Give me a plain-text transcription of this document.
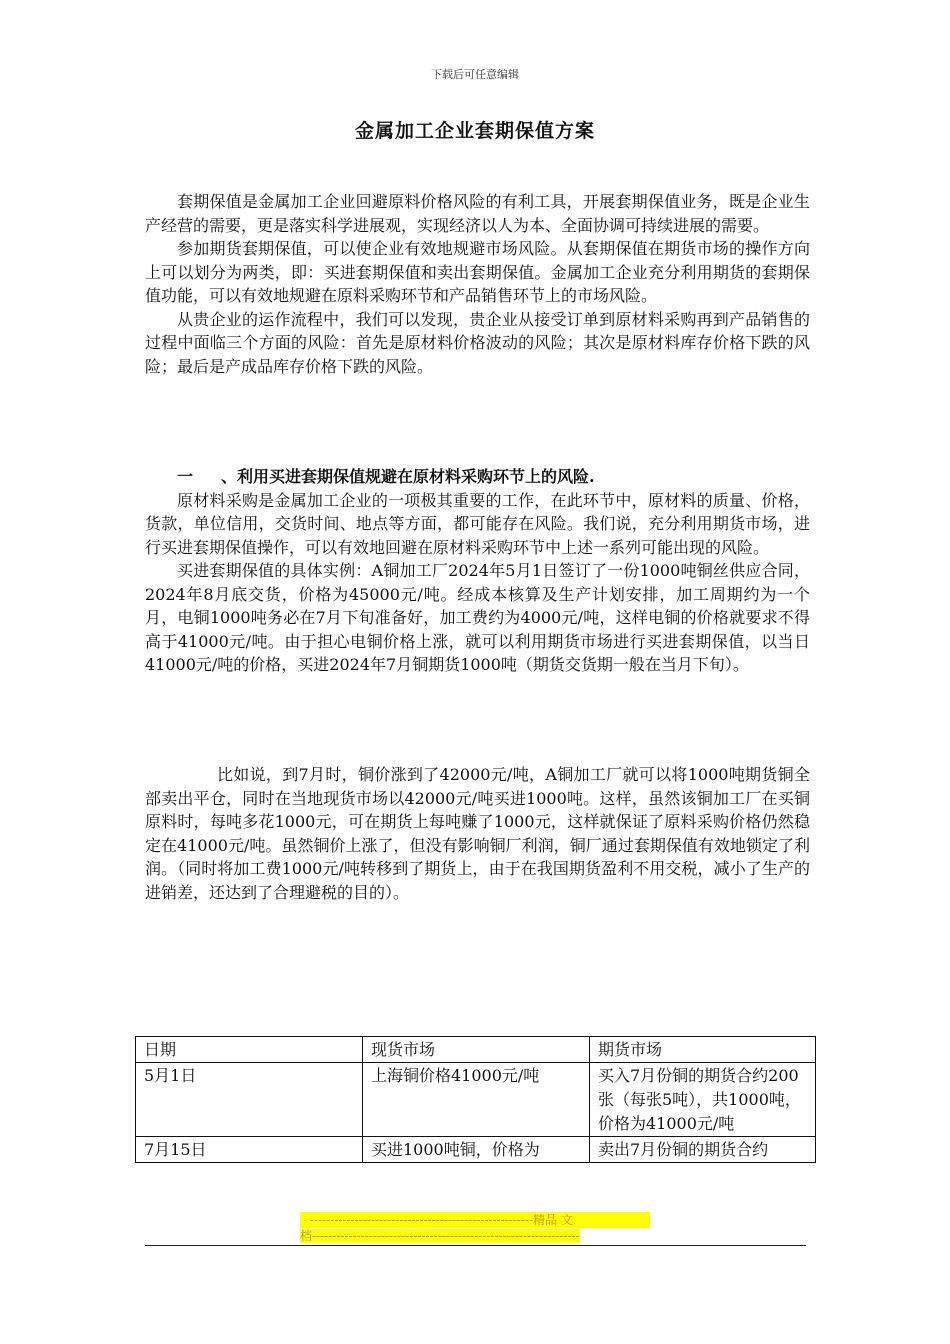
下载后可任意编辑
金属加工企业套期保值方案

套期保值是金属加工企业回避原料价格风险的有利工具，开展套期保值业务，既是企业生产经营的需要，更是落实科学进展观，实现经济以人为本、全面协调可持续进展的需要。

参加期货套期保值，可以使企业有效地规避市场风险。从套期保值在期货市场的操作方向上可以划分为两类，即：买进套期保值和卖出套期保值。金属加工企业充分利用期货的套期保值功能，可以有效地规避在原料采购环节和产品销售环节上的市场风险。

从贵企业的运作流程中，我们可以发现，贵企业从接受订单到原材料采购再到产品销售的过程中面临三个方面的风险：首先是原材料价格波动的风险；其次是原材料库存价格下跌的风险；最后是产成品库存价格下跌的风险。

一 、利用买进套期保值规避在原材料采购环节上的风险.

原材料采购是金属加工企业的一项极其重要的工作，在此环节中，原材料的质量、价格，货款，单位信用，交货时间、地点等方面，都可能存在风险。我们说，充分利用期货市场，进行买进套期保值操作，可以有效地回避在原材料采购环节中上述一系列可能出现的风险。

买进套期保值的具体实例：A铜加工厂2024年5月1日签订了一份1000吨铜丝供应合同，2024年8月底交货，价格为45000元/吨。经成本核算及生产计划安排，加工周期约为一个月，电铜1000吨务必在7月下旬准备好，加工费约为4000元/吨，这样电铜的价格就要求不得高于41000元/吨。由于担心电铜价格上涨，就可以利用期货市场进行买进套期保值，以当日41000元/吨的价格，买进2024年7月铜期货1000吨（期货交货期一般在当月下旬）。

比如说，到7月时，铜价涨到了42000元/吨，A铜加工厂就可以将1000吨期货铜全部卖出平仓，同时在当地现货市场以42000元/吨买进1000吨。这样，虽然该铜加工厂在买铜原料时，每吨多花1000元，可在期货上每吨赚了1000元，这样就保证了原料采购价格仍然稳定在41000元/吨。虽然铜价上涨了，但没有影响铜厂利润，铜厂通过套期保值有效地锁定了利润。（同时将加工费1000元/吨转移到了期货上，由于在我国期货盈利不用交税，减小了生产的进销差，还达到了合理避税的目的）。

日期	现货市场	期货市场
5月1日	上海铜价格41000元/吨	买入7月份铜的期货合约200张（每张5吨），共1000吨，价格为41000元/吨
7月15日	买进1000吨铜，价格为	卖出7月份铜的期货合约
-------------------------------------------------------精品 文
档------------------------------------------------------------------
